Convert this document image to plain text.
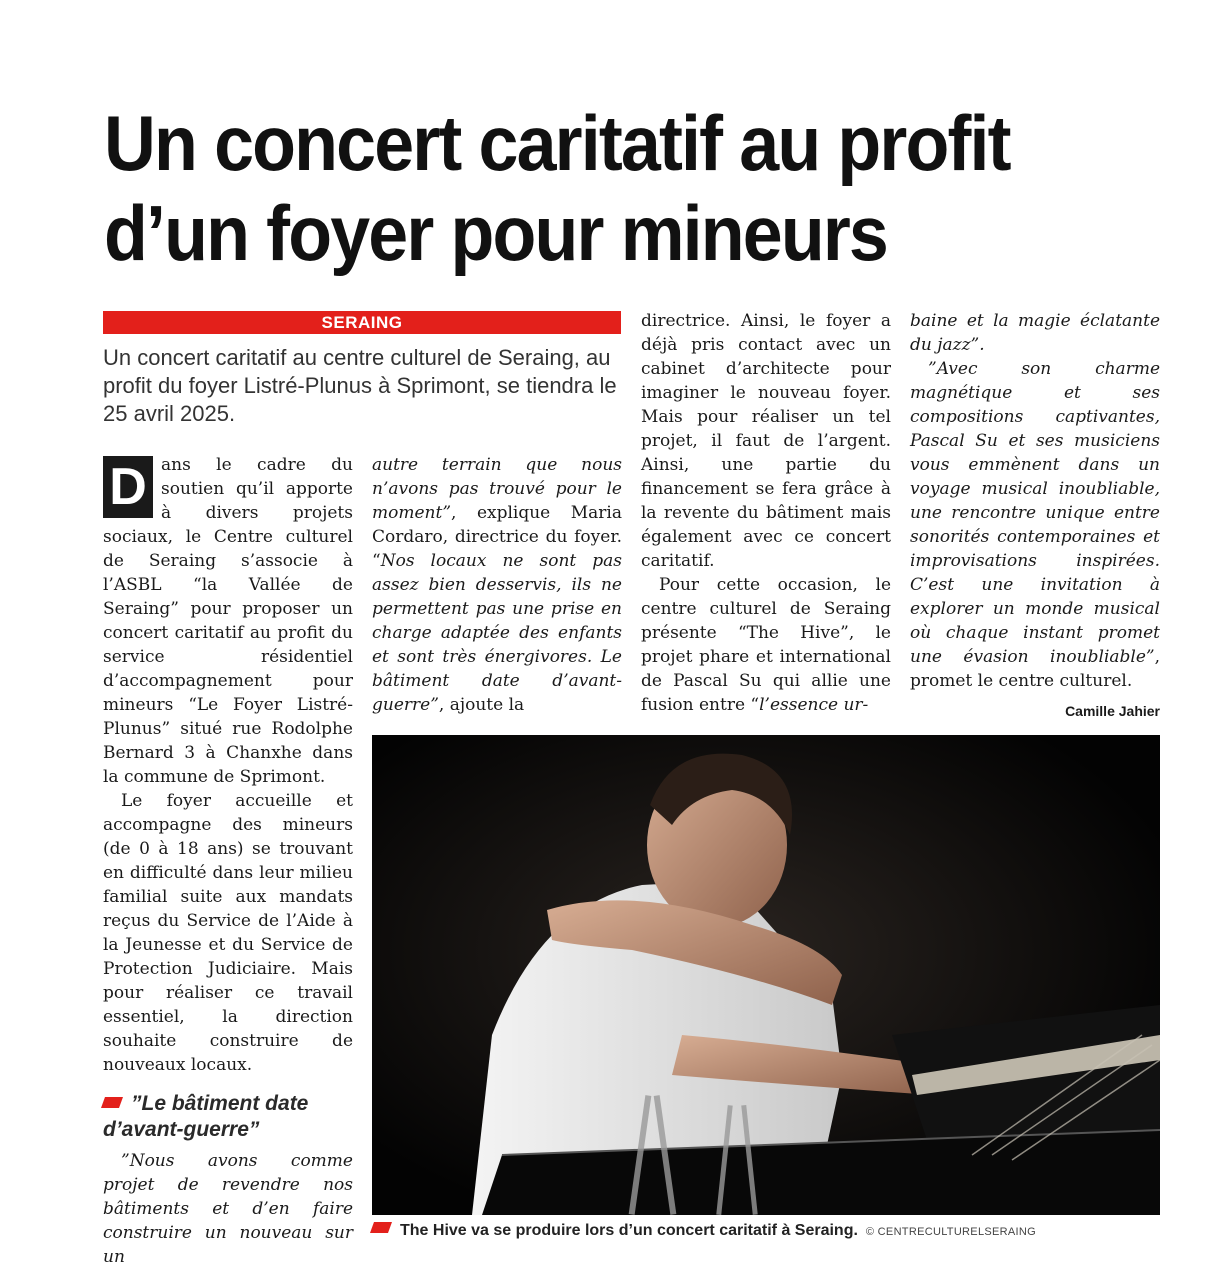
Un concert caritatif au profit
d’un foyer pour mineurs
SERAING

Un concert caritatif au centre culturel de Seraing, au profit du foyer Listré-Plunus à Sprimont, se tiendra le 25 avril 2025.

D ans le cadre du soutien qu’il apporte à divers projets sociaux, le Centre culturel de Seraing s’associe à l’ASBL “la Vallée de Seraing” pour proposer un concert caritatif au profit du service résidentiel d’accompagnement pour mineurs “Le Foyer Listré- Plunus” situé rue Rodolphe Bernard 3 à Chanxhe dans la commune de Sprimont.

Le foyer accueille et accompagne des mineurs (de 0 à 18 ans) se trouvant en difficulté dans leur milieu familial suite aux mandats reçus du Service de l’Aide à la Jeunesse et du Service de Protection Judiciaire. Mais pour réaliser ce travail essentiel, la direction souhaite construire de nouveaux locaux.

”Le bâtiment date d’avant-guerre”

”Nous avons comme projet de revendre nos bâtiments et d’en faire construire un nouveau sur un

autre terrain que nous n’avons pas trouvé pour le moment”, explique Maria Cordaro, directrice du foyer. “Nos locaux ne sont pas assez bien desservis, ils ne permettent pas une prise en charge adaptée des enfants et sont très énergivores. Le bâtiment date d’avant-guerre”, ajoute la

directrice. Ainsi, le foyer a déjà pris contact avec un cabinet d’architecte pour imaginer le nouveau foyer. Mais pour réaliser un tel projet, il faut de l’argent. Ainsi, une partie du financement se fera grâce à la revente du bâtiment mais également avec ce concert caritatif.

Pour cette occasion, le centre culturel de Seraing présente “The Hive”, le projet phare et international de Pascal Su qui allie une fusion entre “l’essence ur-

baine et la magie éclatante du jazz”.

”Avec son charme magnétique et ses compositions captivantes, Pascal Su et ses musiciens vous emmènent dans un voyage musical inoubliable, une rencontre unique entre sonorités contemporaines et improvisations inspirées. C’est une invitation à explorer un monde musical où chaque instant promet une évasion inoubliable”, promet le centre culturel.

Camille Jahier
The Hive va se produire lors d’un concert caritatif à Seraing. © CENTRECULTURELSERAING
